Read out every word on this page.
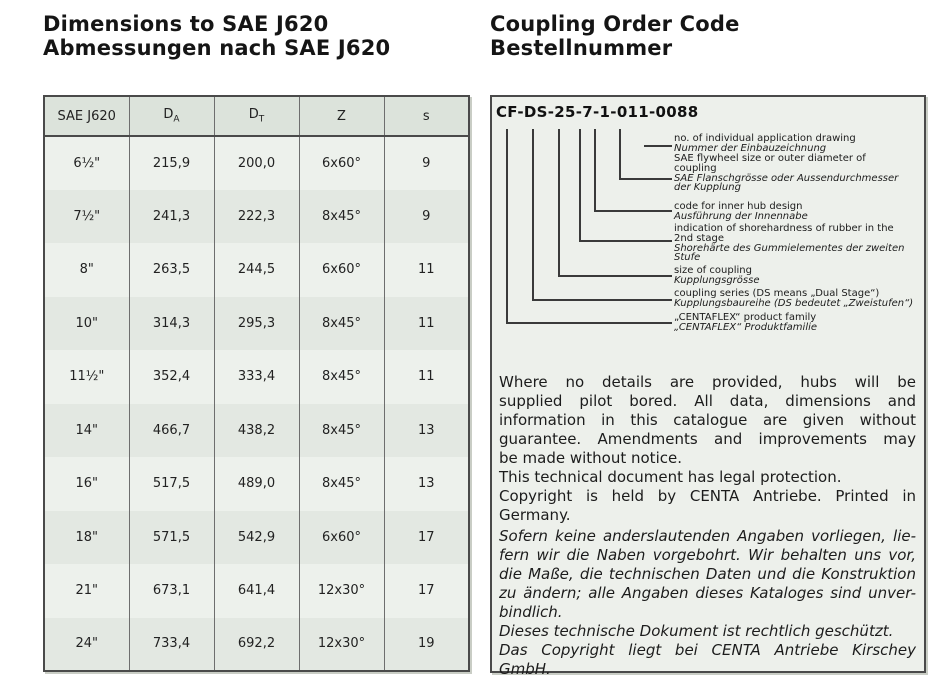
Dimensions to SAE J620
Abmessungen nach SAE J620
Coupling Order Code
Bestellnummer
SAE J620	$D_A$	$D_T$	Z	s
6½"	215,9	200,0	6x60°	9
7½"	241,3	222,3	8x45°	9
8"	263,5	244,5	6x60°	11
10"	314,3	295,3	8x45°	11
11½"	352,4	333,4	8x45°	11
14"	466,7	438,2	8x45°	13
16"	517,5	489,0	8x45°	13
18"	571,5	542,9	6x60°	17
21"	673,1	641,4	12x30°	17
24"	733,4	692,2	12x30°	19
CF-DS-25-7-1-011-0088
no. of individual application drawing
Nummer der Einbauzeichnung
SAE flywheel size or outer diameter of
coupling
SAE Flanschgrösse oder Aussendurchmesser
der Kupplung
code for inner hub design
Ausführung der Innennabe
indication of shorehardness of rubber in the
2nd stage
Shorehärte des Gummielementes der zweiten
Stufe
size of coupling
Kupplungsgrösse
coupling series (DS means „Dual Stage“)
Kupplungsbaureihe (DS bedeutet „Zweistufen“)
„CENTAFLEX“ product family
„CENTAFLEX“ Produktfamilie
Where no details are provided, hubs will be
supplied pilot bored. All data, dimensions and
information in this catalogue are given without
guarantee. Amendments and improvements may
be made without notice.
This technical document has legal protection.
Copyright is held by CENTA Antriebe. Printed in
Germany.
Sofern keine anderslautenden Angaben vorliegen, lie-
fern wir die Naben vorgebohrt. Wir behalten uns vor,
die Maße, die technischen Daten und die Konstruktion
zu ändern; alle Angaben dieses Kataloges sind unver-
bindlich.
Dieses technische Dokument ist rechtlich geschützt.
Das Copyright liegt bei CENTA Antriebe Kirschey
GmbH.
